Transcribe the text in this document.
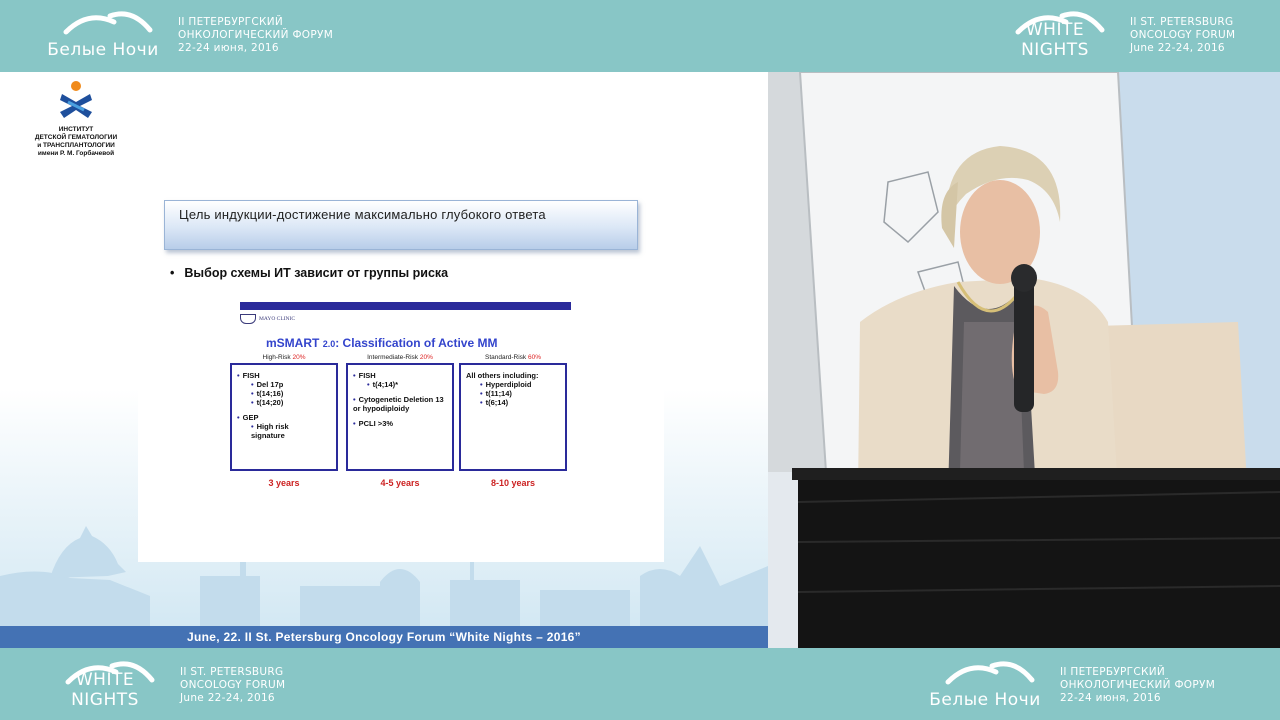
Белые Ночи
II ПЕТЕРБУРГСКИЙ
ОНКОЛОГИЧЕСКИЙ ФОРУМ
22-24 июня, 2016
WHITE NIGHTS
II ST. PETERSBURG
ONCOLOGY FORUM
June 22-24, 2016
ИНСТИТУТ
ДЕТСКОЙ ГЕМАТОЛОГИИ
и ТРАНСПЛАНТОЛОГИИ
имени Р. М. Горбачевой
Цель индукции-достижение максимально глубокого ответа
• Выбор схемы ИТ зависит от группы риска
MAYO CLINIC
mSMART 2.0: Classification of Active MM
High-Risk 20%
• FISH
• Del 17p
• t(14;16)
• t(14;20)
• GEP
• High risk
signature
3 years
Intermediate-Risk 20%
• FISH
• t(4;14)*
• Cytogenetic Deletion 13 or hypodiploidy
• PCLI >3%
4-5 years
Standard-Risk 60%
All others including:
• Hyperdiploid
• t(11;14)
• t(6;14)
8-10 years
June, 22. II St. Petersburg Oncology Forum “White Nights – 2016”
WHITE NIGHTS
II ST. PETERSBURG
ONCOLOGY FORUM
June 22-24, 2016	Белые Ночи
II ПЕТЕРБУРГСКИЙ
ОНКОЛОГИЧЕСКИЙ ФОРУМ
22-24 июня, 2016
